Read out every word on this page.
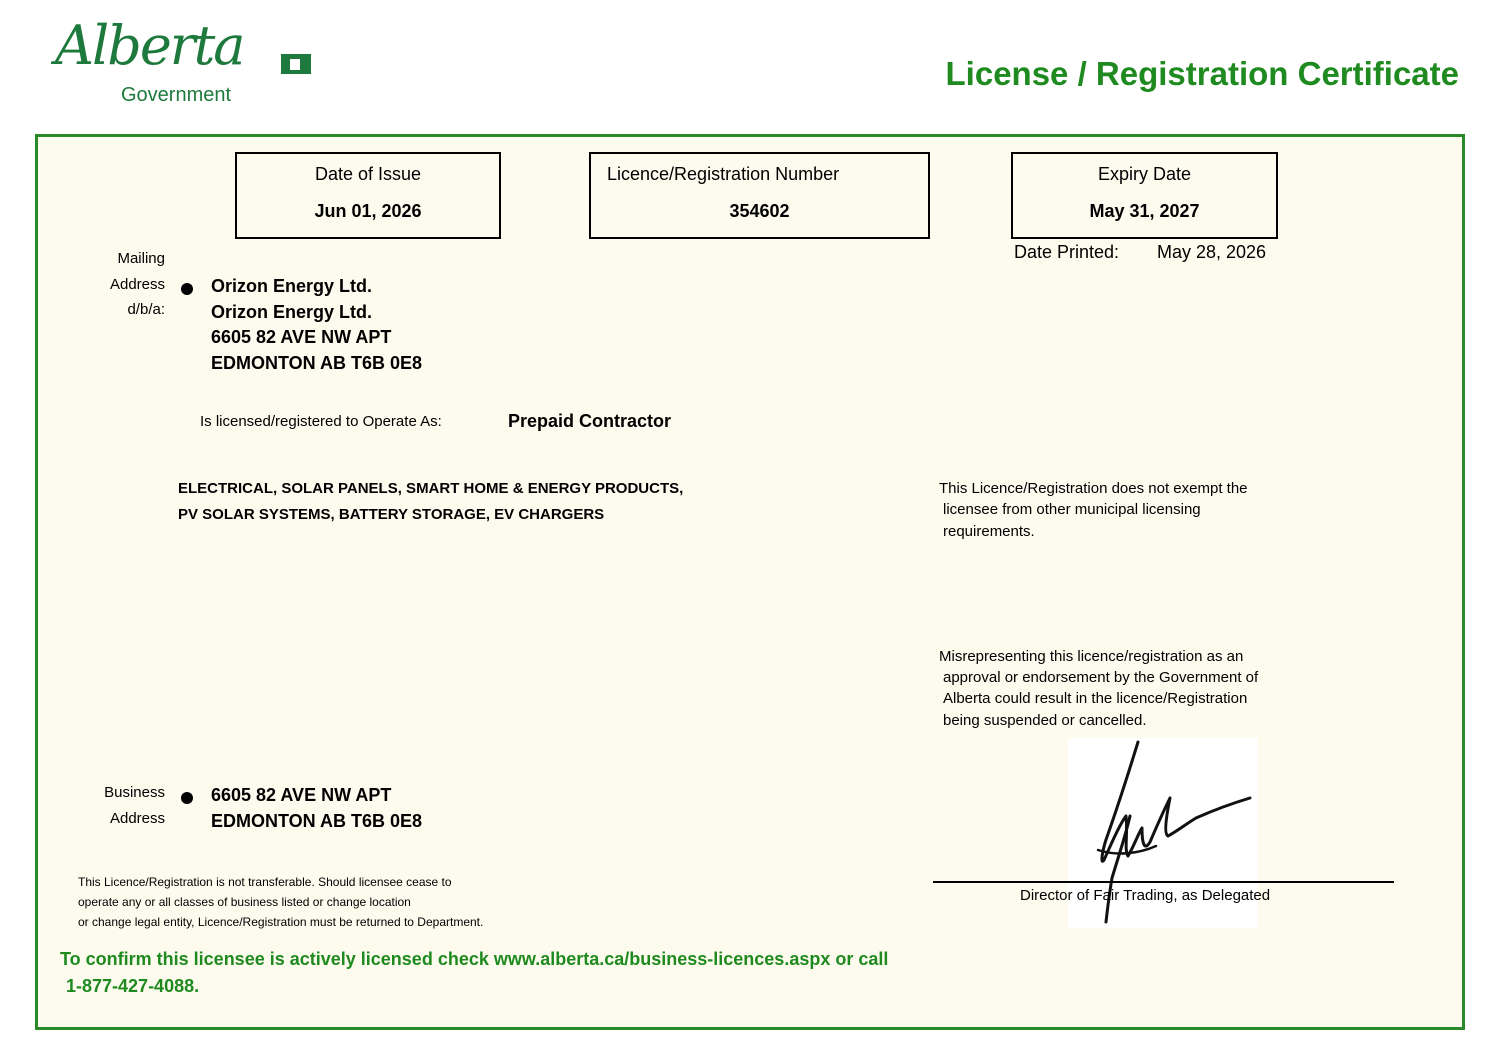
Alberta
Government
License / Registration Certificate
Date of Issue
Jun 01, 2026
Licence/Registration Number
354602
Expiry Date
May 31, 2027
Date Printed: May 28, 2026
Mailing
Address
d/b/a:
Orizon Energy Ltd.
Orizon Energy Ltd.
6605 82 AVE NW APT
EDMONTON AB T6B 0E8
Is licensed/registered to Operate As:	Prepaid Contractor
ELECTRICAL, SOLAR PANELS, SMART HOME & ENERGY PRODUCTS,
PV SOLAR SYSTEMS, BATTERY STORAGE, EV CHARGERS
This Licence/Registration does not exempt the
licensee from other municipal licensing
requirements.
Misrepresenting this licence/registration as an
approval or endorsement by the Government of
Alberta could result in the licence/Registration
being suspended or cancelled.
Business
Address
6605 82 AVE NW APT
EDMONTON AB T6B 0E8
This Licence/Registration is not transferable. Should licensee cease to
operate any or all classes of business listed or change location
or change legal entity, Licence/Registration must be returned to Department.
To confirm this licensee is actively licensed check www.alberta.ca/business-licences.aspx or call
1-877-427-4088.
Director of Fair Trading, as Delegated
